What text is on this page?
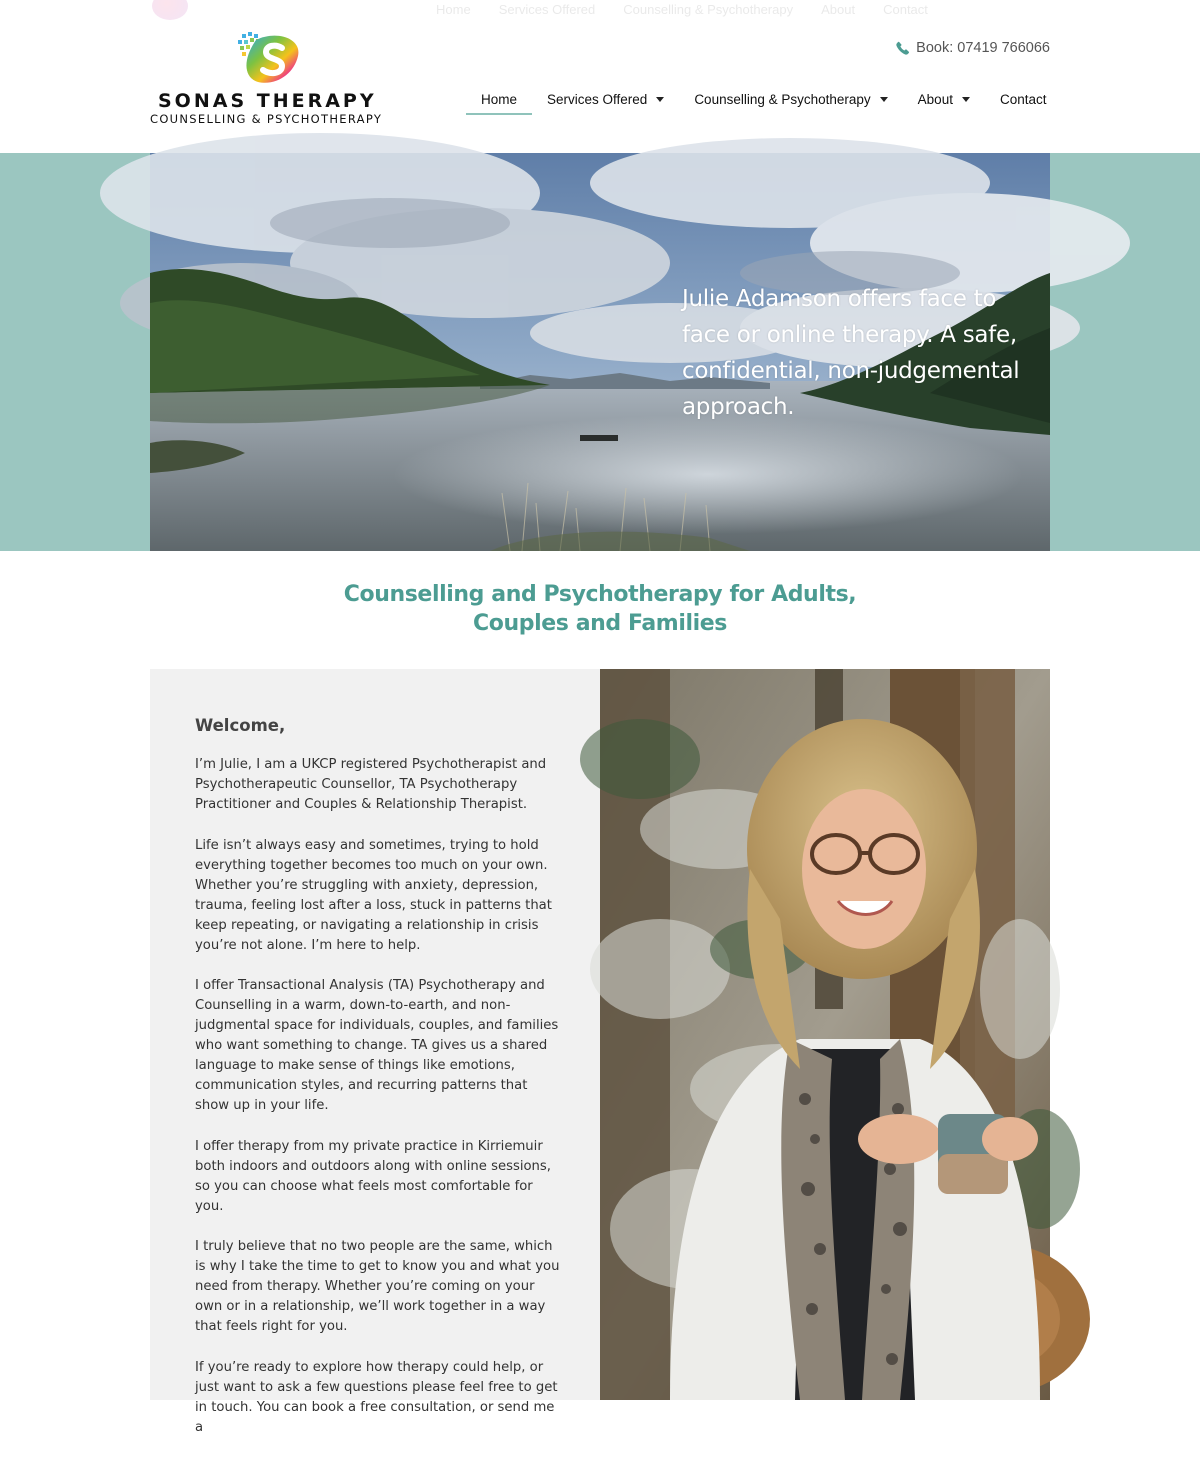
Home Services Offered Counselling & Psychotherapy About Contact
SONAS THERAPY
COUNSELLING & PSYCHOTHERAPY
Book: 07419 766066
Home Services Offered	Counselling & Psychotherapy	About	Contact
Julie Adamson offers face to face or online therapy. A safe, confidential, non-judgemental approach.
Counselling and Psychotherapy for Adults, Couples and Families
Welcome,

I’m Julie, I am a UKCP registered Psychotherapist and Psychotherapeutic Counsellor, TA Psychotherapy Practitioner and Couples & Relationship Therapist.

Life isn’t always easy and sometimes, trying to hold everything together becomes too much on your own. Whether you’re struggling with anxiety, depression, trauma, feeling lost after a loss, stuck in patterns that keep repeating, or navigating a relationship in crisis you’re not alone. I’m here to help.

I offer Transactional Analysis (TA) Psychotherapy and Counselling in a warm, down-to-earth, and non-judgmental space for individuals, couples, and families who want something to change. TA gives us a shared language to make sense of things like emotions, communication styles, and recurring patterns that show up in your life.

I offer therapy from my private practice in Kirriemuir both indoors and outdoors along with online sessions, so you can choose what feels most comfortable for you.

I truly believe that no two people are the same, which is why I take the time to get to know you and what you need from therapy. Whether you’re coming on your own or in a relationship, we’ll work together in a way that feels right for you.

If you’re ready to explore how therapy could help, or just want to ask a few questions please feel free to get in touch. You can book a free consultation, or send me a
